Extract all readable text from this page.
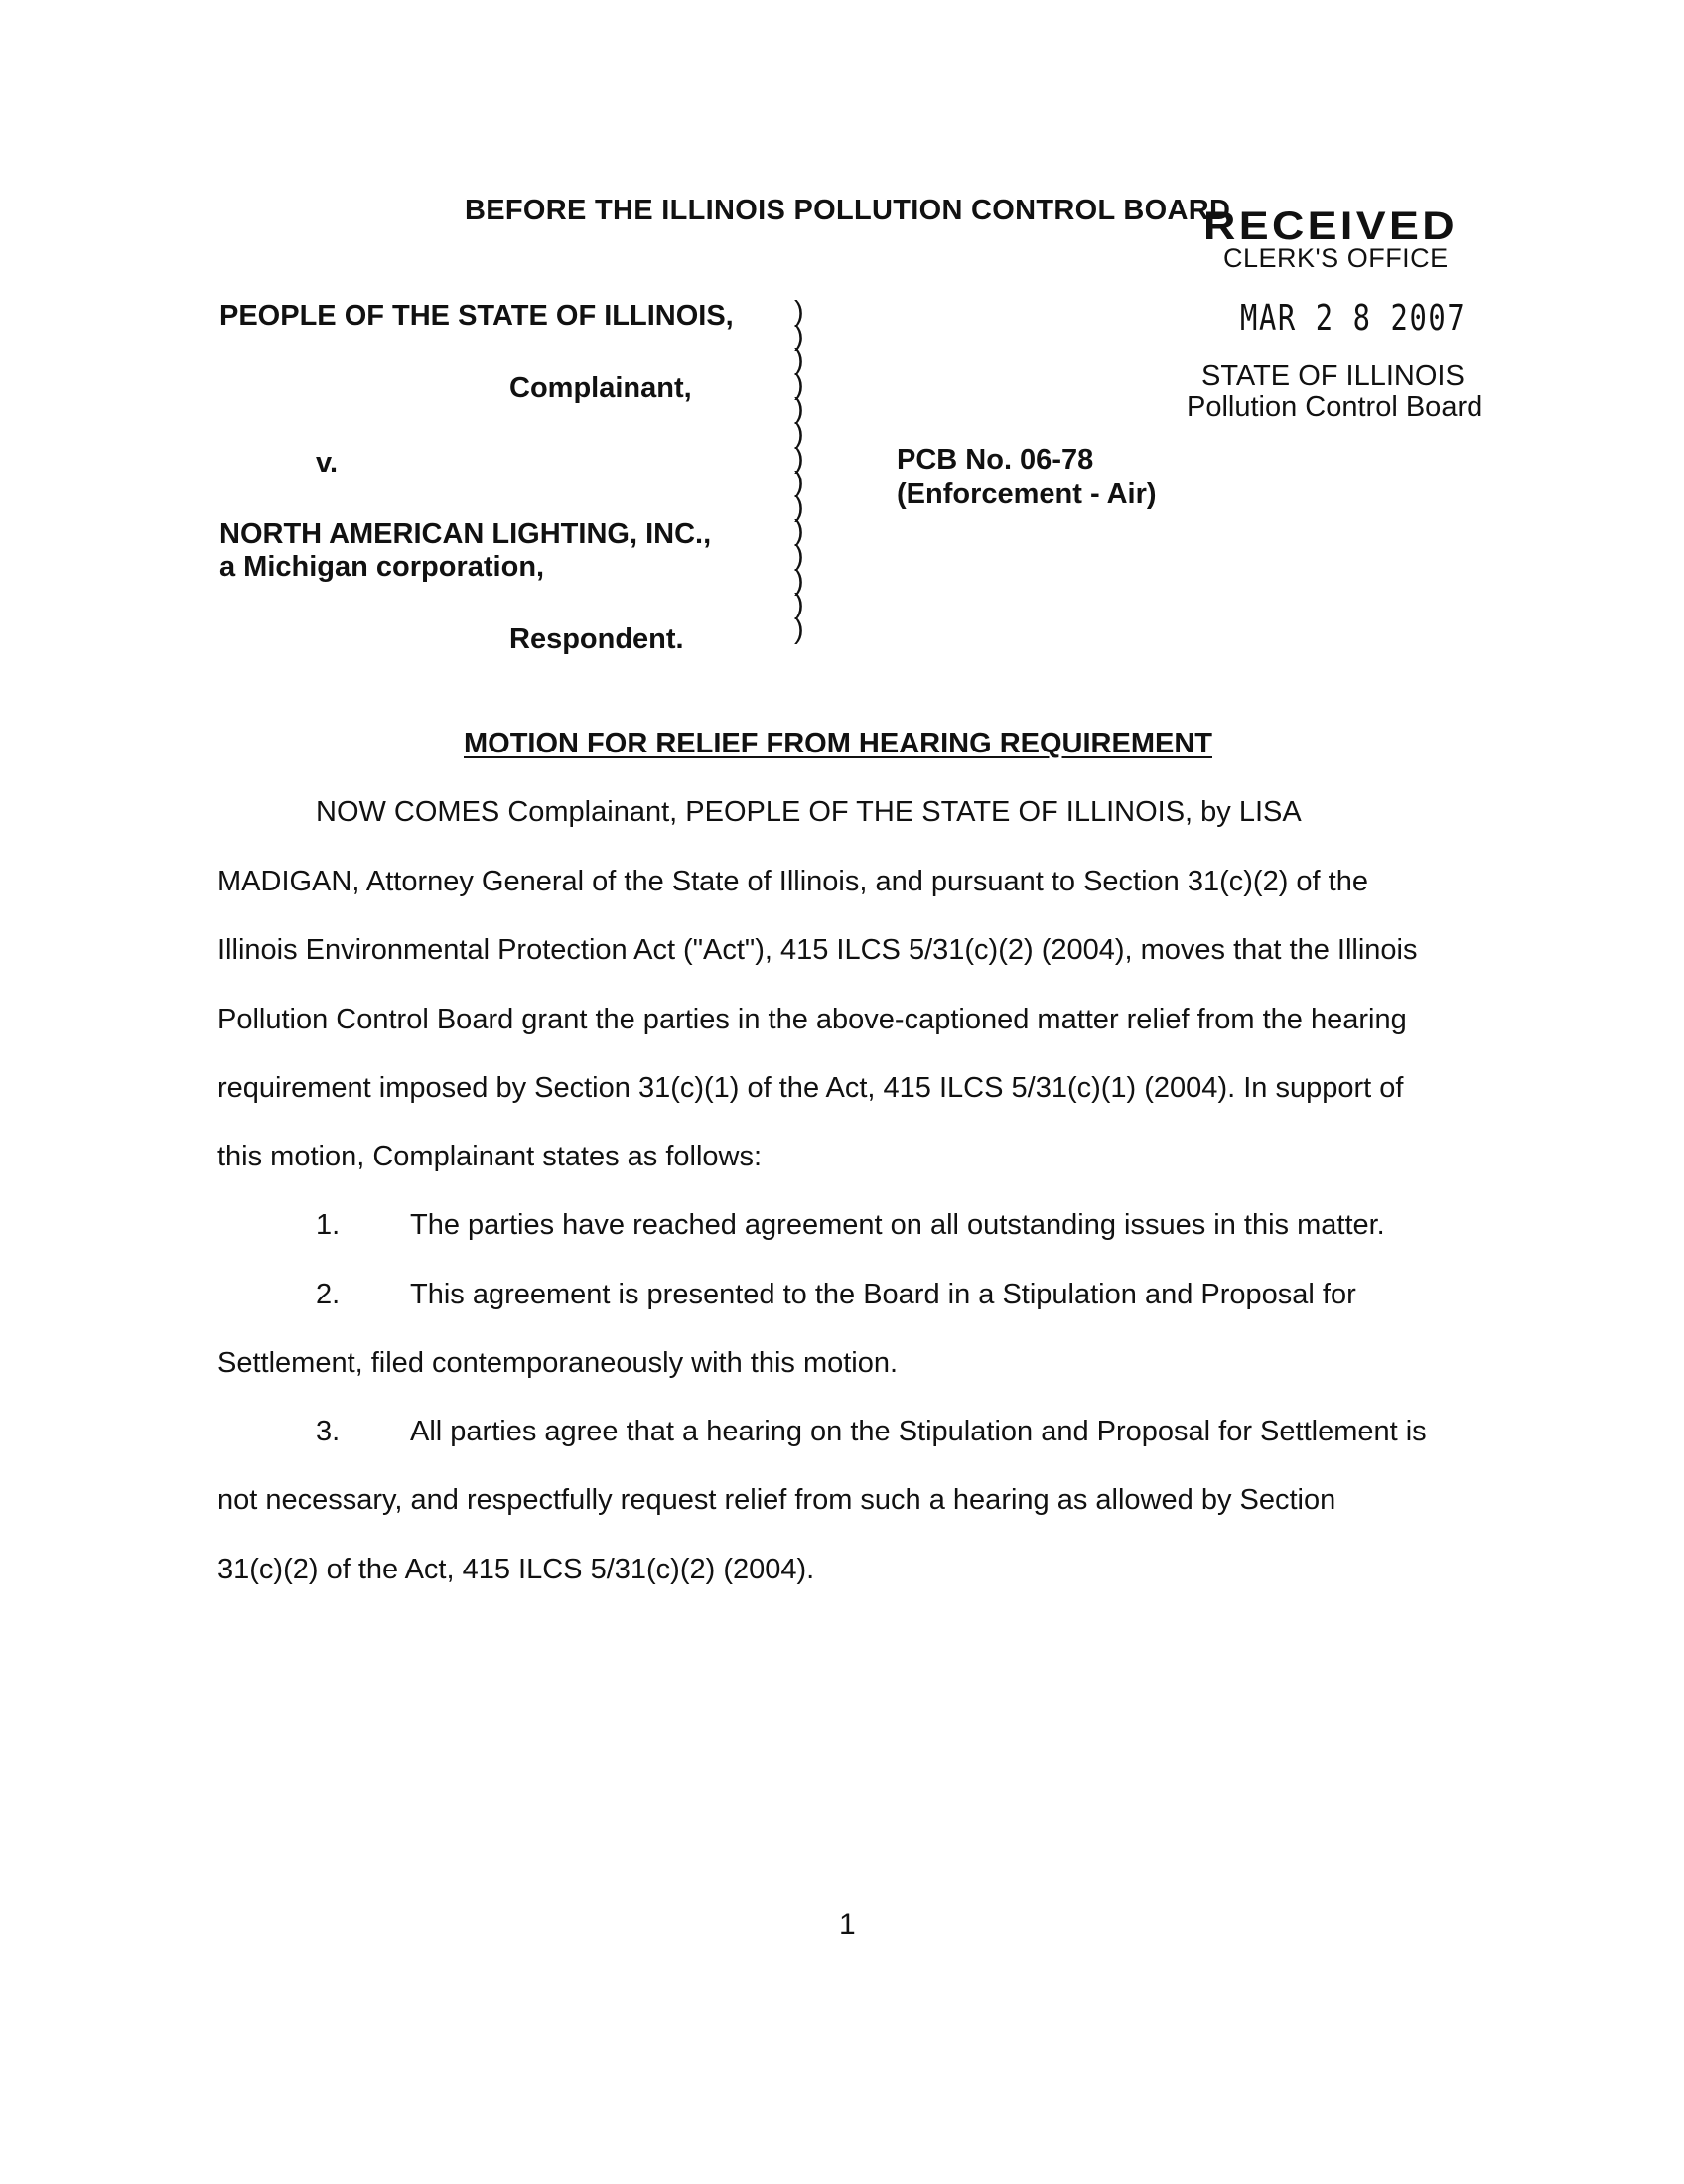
BEFORE THE ILLINOIS POLLUTION CONTROL BOARD
RECEIVED
CLERK'S OFFICE
MAR 2 8 2007
STATE OF ILLINOIS
Pollution Control Board
PEOPLE OF THE STATE OF ILLINOIS,
Complainant,
v.
NORTH AMERICAN LIGHTING, INC.,
a Michigan corporation,
Respondent.
)
)
)
)
)
)
)
)
)
)
)
)
)
)
PCB No. 06-78
(Enforcement - Air)
MOTION FOR RELIEF FROM HEARING REQUIREMENT
NOW COMES Complainant, PEOPLE OF THE STATE OF ILLINOIS, by LISA
MADIGAN, Attorney General of the State of Illinois, and pursuant to Section 31(c)(2) of the
Illinois Environmental Protection Act ("Act"), 415 ILCS 5/31(c)(2) (2004), moves that the Illinois
Pollution Control Board grant the parties in the above-captioned matter relief from the hearing
requirement imposed by Section 31(c)(1) of the Act, 415 ILCS 5/31(c)(1) (2004). In support of
this motion, Complainant states as follows:
1. The parties have reached agreement on all outstanding issues in this matter.
2. This agreement is presented to the Board in a Stipulation and Proposal for
Settlement, filed contemporaneously with this motion.
3. All parties agree that a hearing on the Stipulation and Proposal for Settlement is
not necessary, and respectfully request relief from such a hearing as allowed by Section
31(c)(2) of the Act, 415 ILCS 5/31(c)(2) (2004).
1
